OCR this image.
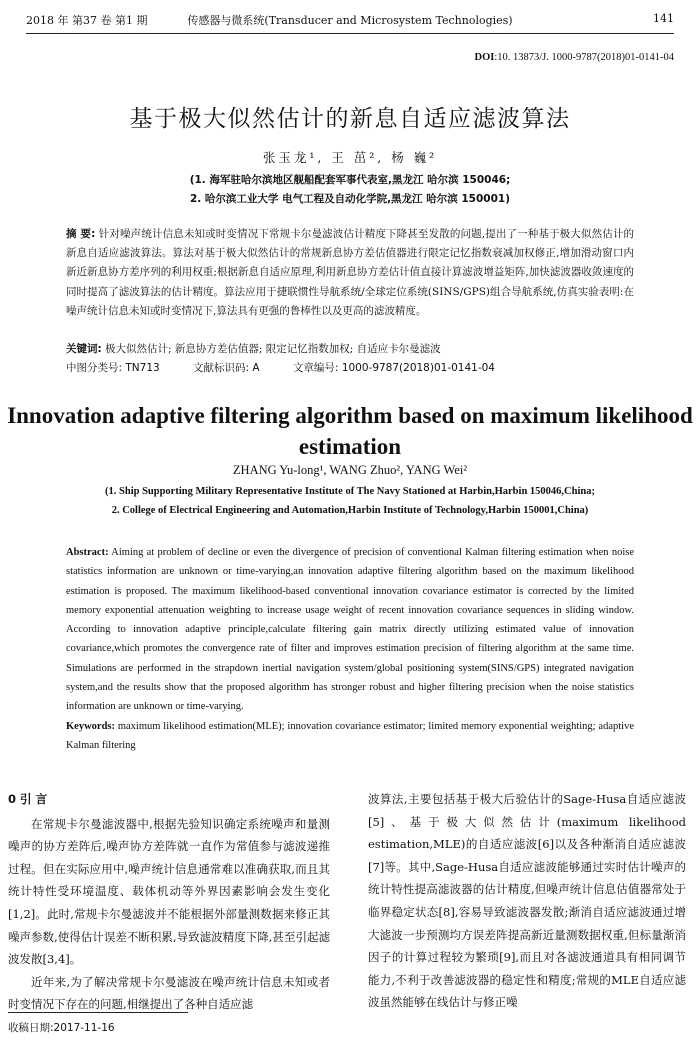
2018 年 第37 卷 第1 期	传感器与微系统(Transducer and Microsystem Technologies)	141
DOI:10. 13873/J. 1000-9787(2018)01-0141-04
基于极大似然估计的新息自适应滤波算法
张玉龙¹, 王 茁², 杨 巍²
(1. 海军驻哈尔滨地区舰船配套军事代表室,黑龙江 哈尔滨 150046;
2. 哈尔滨工业大学 电气工程及自动化学院,黑龙江 哈尔滨 150001)
摘 要: 针对噪声统计信息未知或时变情况下常规卡尔曼滤波估计精度下降甚至发散的问题,提出了一种基于极大似然估计的新息自适应滤波算法。算法对基于极大似然估计的常规新息协方差估值器进行限定记忆指数衰减加权修正,增加滑动窗口内新近新息协方差序列的利用权重;根据新息自适应原理,利用新息协方差估计值直接计算滤波增益矩阵,加快滤波器收敛速度的同时提高了滤波算法的估计精度。算法应用于捷联惯性导航系统/全球定位系统(SINS/GPS)组合导航系统,仿真实验表明:在噪声统计信息未知或时变情况下,算法具有更强的鲁棒性以及更高的滤波精度。
关键词: 极大似然估计; 新息协方差估值器; 限定记忆指数加权; 自适应卡尔曼滤波
中图分类号: TN713	文献标识码: A	文章编号: 1000-9787(2018)01-0141-04
Innovation adaptive filtering algorithm based on maximum likelihood estimation
ZHANG Yu-long¹, WANG Zhuo², YANG Wei²
(1. Ship Supporting Military Representative Institute of The Navy Stationed at Harbin,Harbin 150046,China;
2. College of Electrical Engineering and Automation,Harbin Institute of Technology,Harbin 150001,China)
Abstract: Aiming at problem of decline or even the divergence of precision of conventional Kalman filtering estimation when noise statistics information are unknown or time-varying,an innovation adaptive filtering algorithm based on the maximum likelihood estimation is proposed. The maximum likelihood-based conventional innovation covariance estimator is corrected by the limited memory exponential attenuation weighting to increase usage weight of recent innovation covariance sequences in sliding window. According to innovation adaptive principle,calculate filtering gain matrix directly utilizing estimated value of innovation covariance,which promotes the convergence rate of filter and improves estimation precision of filtering algorithm at the same time. Simulations are performed in the strapdown inertial navigation system/global positioning system(SINS/GPS) integrated navigation system,and the results show that the proposed algorithm has stronger robust and higher filtering precision when the noise statistics information are unknown or time-varying.
Keywords: maximum likelihood estimation(MLE); innovation covariance estimator; limited memory exponential weighting; adaptive Kalman filtering
0 引 言
在常规卡尔曼滤波器中,根据先验知识确定系统噪声和量测噪声的协方差阵后,噪声协方差阵就一直作为常值参与滤波递推过程。但在实际应用中,噪声统计信息通常难以准确获取,而且其统计特性受环境温度、载体机动等外界因素影响会发生变化[1,2]。此时,常规卡尔曼滤波并不能根据外部量测数据来修正其噪声参数,使得估计误差不断积累,导致滤波精度下降,甚至引起滤波发散[3,4]。
近年来,为了解决常规卡尔曼滤波在噪声统计信息未知或者时变情况下存在的问题,相继提出了各种自适应滤
波算法,主要包括基于极大后验估计的Sage-Husa自适应滤波[5]、基于极大似然估计(maximum likelihood estimation,MLE)的自适应滤波[6]以及各种渐消自适应滤波[7]等。其中,Sage-Husa自适应滤波能够通过实时估计噪声的统计特性提高滤波器的估计精度,但噪声统计信息估值器常处于临界稳定状态[8],容易导致滤波器发散;渐消自适应滤波通过增大滤波一步预测均方误差阵提高新近量测数据权重,但标量渐消因子的计算过程较为繁琐[9],而且对各滤波通道具有相同调节能力,不利于改善滤波器的稳定性和精度;常规的MLE自适应滤波虽然能够在线估计与修正噪
收稿日期:2017-11-16
